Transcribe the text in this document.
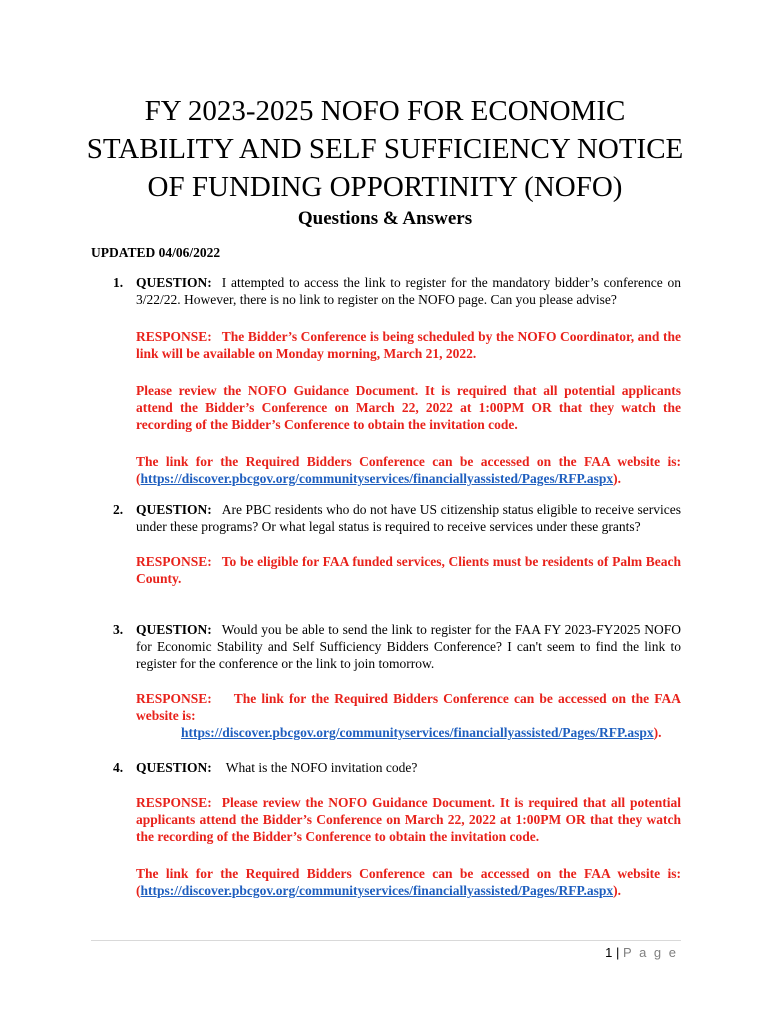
FY 2023-2025 NOFO FOR ECONOMIC
STABILITY AND SELF SUFFICIENCY NOTICE
OF FUNDING OPPORTINITY (NOFO)
Questions & Answers

UPDATED 04/06/2022

1. QUESTION: I attempted to access the link to register for the mandatory bidder’s conference on 3/22/22. However, there is no link to register on the NOFO page. Can you please advise?
RESPONSE: The Bidder’s Conference is being scheduled by the NOFO Coordinator, and the link will be available on Monday morning, March 21, 2022.
Please review the NOFO Guidance Document. It is required that all potential applicants attend the Bidder’s Conference on March 22, 2022 at 1:00PM OR that they watch the recording of the Bidder’s Conference to obtain the invitation code.
The link for the Required Bidders Conference can be accessed on the FAA website is: (https://discover.pbcgov.org/communityservices/financiallyassisted/Pages/RFP.aspx).
2. QUESTION: Are PBC residents who do not have US citizenship status eligible to receive services under these programs? Or what legal status is required to receive services under these grants?
RESPONSE: To be eligible for FAA funded services, Clients must be residents of Palm Beach County.
3. QUESTION: Would you be able to send the link to register for the FAA FY 2023-FY2025 NOFO for Economic Stability and Self Sufficiency Bidders Conference? I can't seem to find the link to register for the conference or the link to join tomorrow.
RESPONSE: The link for the Required Bidders Conference can be accessed on the FAA website is:
https://discover.pbcgov.org/communityservices/financiallyassisted/Pages/RFP.aspx).
4. QUESTION: What is the NOFO invitation code?
RESPONSE: Please review the NOFO Guidance Document. It is required that all potential applicants attend the Bidder’s Conference on March 22, 2022 at 1:00PM OR that they watch the recording of the Bidder’s Conference to obtain the invitation code.
The link for the Required Bidders Conference can be accessed on the FAA website is: (https://discover.pbcgov.org/communityservices/financiallyassisted/Pages/RFP.aspx).
1 | P a g e
